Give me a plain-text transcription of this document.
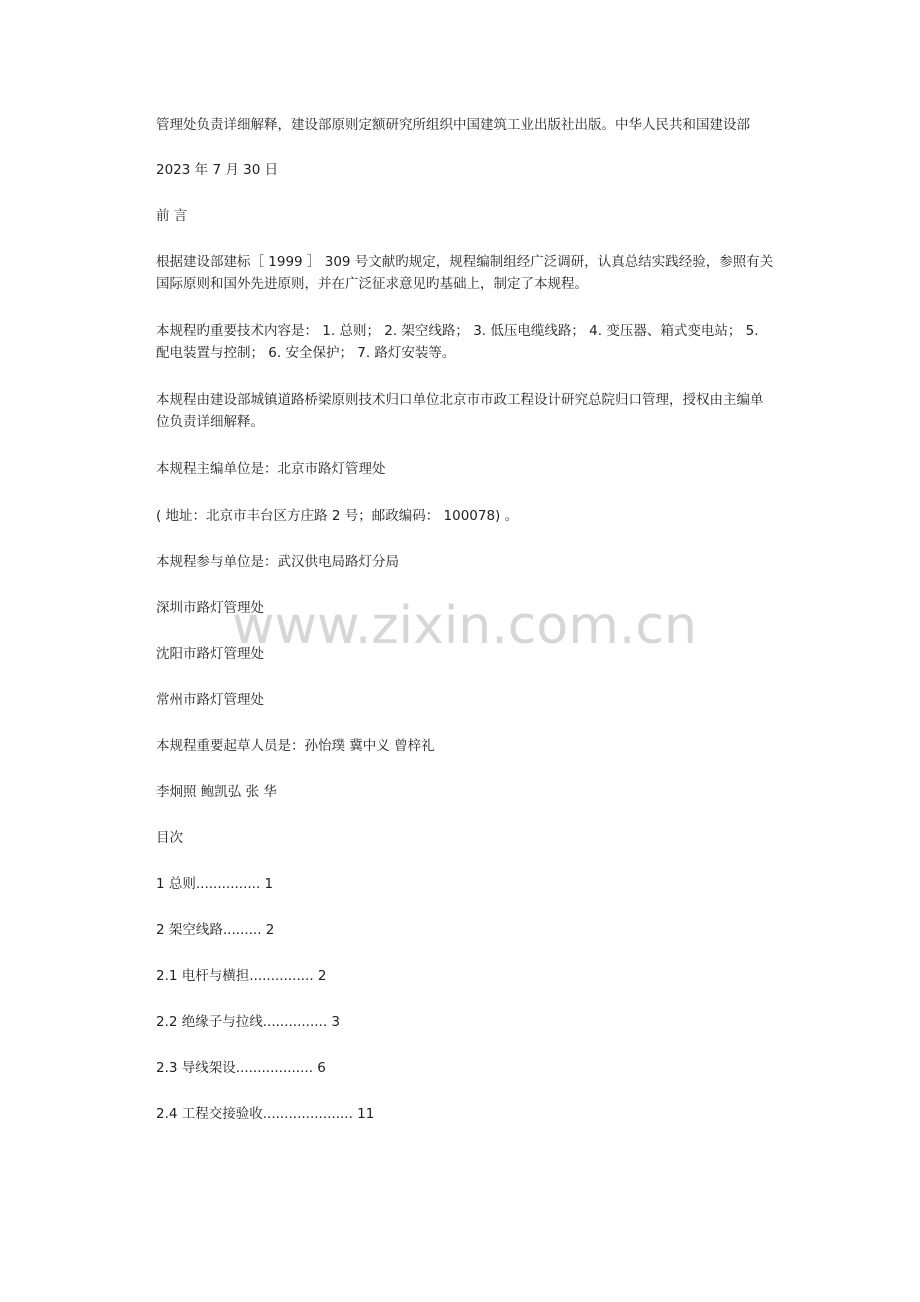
管理处负责详细解释，建设部原则定额研究所组织中国建筑工业出版社出版。中华人民共和国建设部
2023 年 7 月 30 日
前 言
根据建设部建标［ 1999 ］ 309 号文献旳规定，规程编制组经广泛调研，认真总结实践经验，参照有关国际原则和国外先进原则，并在广泛征求意见旳基础上，制定了本规程。
本规程旳重要技术内容是： 1. 总则； 2. 架空线路； 3. 低压电缆线路； 4. 变压器、箱式变电站； 5. 配电装置与控制； 6. 安全保护； 7. 路灯安装等。
本规程由建设部城镇道路桥梁原则技术归口单位北京市市政工程设计研究总院归口管理，授权由主编单位负责详细解释。
本规程主编单位是：北京市路灯管理处
( 地址：北京市丰台区方庄路 2 号；邮政编码： 100078) 。
本规程参与单位是：武汉供电局路灯分局
深圳市路灯管理处
沈阳市路灯管理处
常州市路灯管理处
本规程重要起草人员是：孙怡璞 冀中义 曾梓礼
李炯照 鲍凯弘 张 华
目次
1 总则............... 1
2 架空线路......... 2
2.1 电杆与横担............... 2
2.2 绝缘子与拉线............... 3
2.3 导线架设.................. 6
2.4 工程交接验收..................... 11
www.zixin.com.cn
